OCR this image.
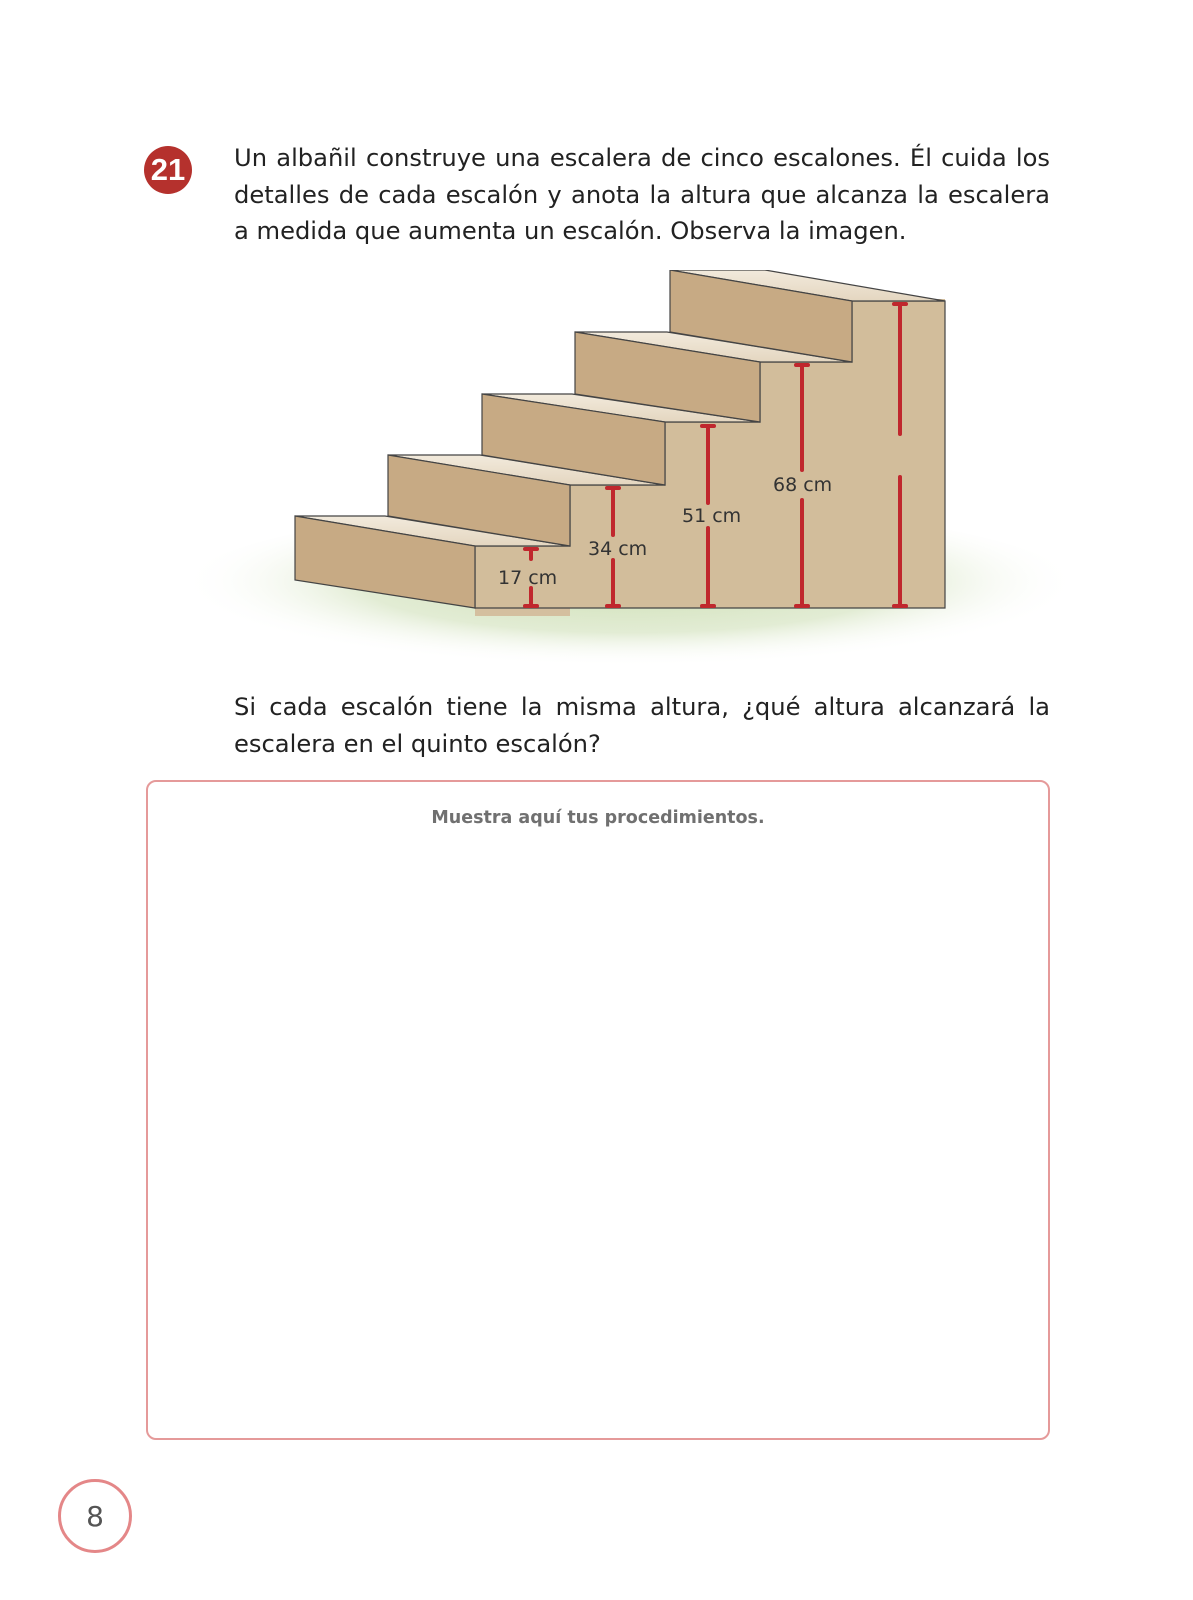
21 Un albañil construye una escalera de cinco escalones. Él cuida los detalles de cada escalón y anota la altura que alcanza la escalera a medida que aumenta un escalón. Observa la imagen.

17 cm
34 cm
51 cm
68 cm

Si cada escalón tiene la misma altura, ¿qué altura alcanzará la escalera en el quinto escalón?

Muestra aquí tus procedimientos.
8
